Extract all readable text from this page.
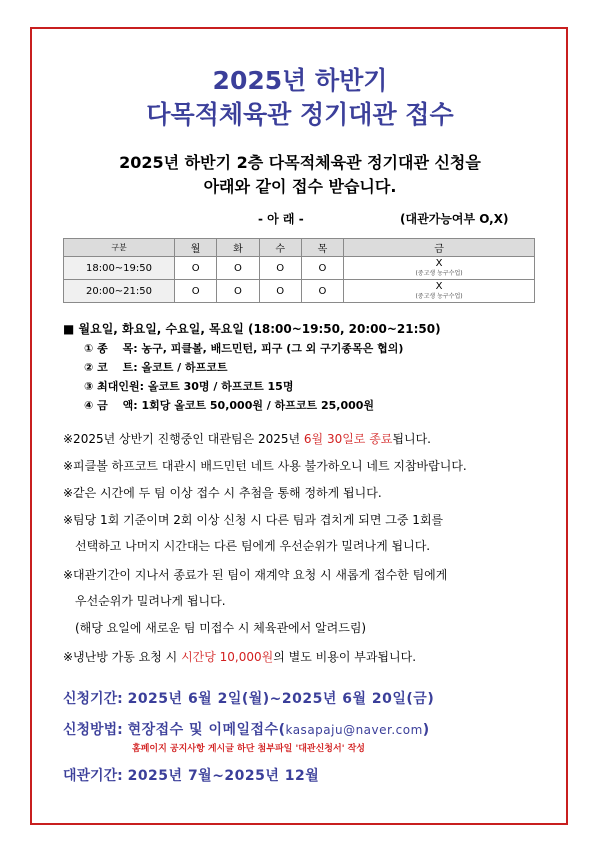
2025년 하반기
다목적체육관 정기대관 접수
2025년 하반기 2층 다목적체육관 정기대관 신청을
아래와 같이 접수 받습니다.
- 아 래 -	(대관가능여부 O,X)
구분	월	화	수	목	금
18:00~19:50	O	O	O	O	X
(중고생 농구수업)

20:00~21:50	O	O	O	O	X
(중고생 농구수업)
■ 월요일, 화요일, 수요일, 목요일 (18:00~19:50, 20:00~21:50)
① 종　 목: 농구, 피클볼, 배드민턴, 피구 (그 외 구기종목은 협의)
② 코　 트: 올코트 / 하프코트
③ 최대인원: 올코트 30명 / 하프코트 15명
④ 금　 액: 1회당 올코트 50,000원 / 하프코트 25,000원
※2025년 상반기 진행중인 대관팀은 2025년 6월 30일로 종료됩니다.
※피클볼 하프코트 대관시 배드민턴 네트 사용 불가하오니 네트 지참바랍니다.
※같은 시간에 두 팀 이상 접수 시 추첨을 통해 정하게 됩니다.
※팀당 1회 기준이며 2회 이상 신청 시 다른 팀과 겹치게 되면 그중 1회를
선택하고 나머지 시간대는 다른 팀에게 우선순위가 밀려나게 됩니다.
※대관기간이 지나서 종료가 된 팀이 재계약 요청 시 새롭게 접수한 팀에게
우선순위가 밀려나게 됩니다.
(해당 요일에 새로운 팀 미접수 시 체육관에서 알려드림)
※냉난방 가동 요청 시 시간당 10,000원의 별도 비용이 부과됩니다.
신청기간: 2025년 6월 2일(월)~2025년 6월 20일(금)
신청방법: 현장접수 및 이메일접수(kasapaju@naver.com)
홈페이지 공지사항 게시글 하단 첨부파일 '대관신청서' 작성
대관기간: 2025년 7월~2025년 12월
